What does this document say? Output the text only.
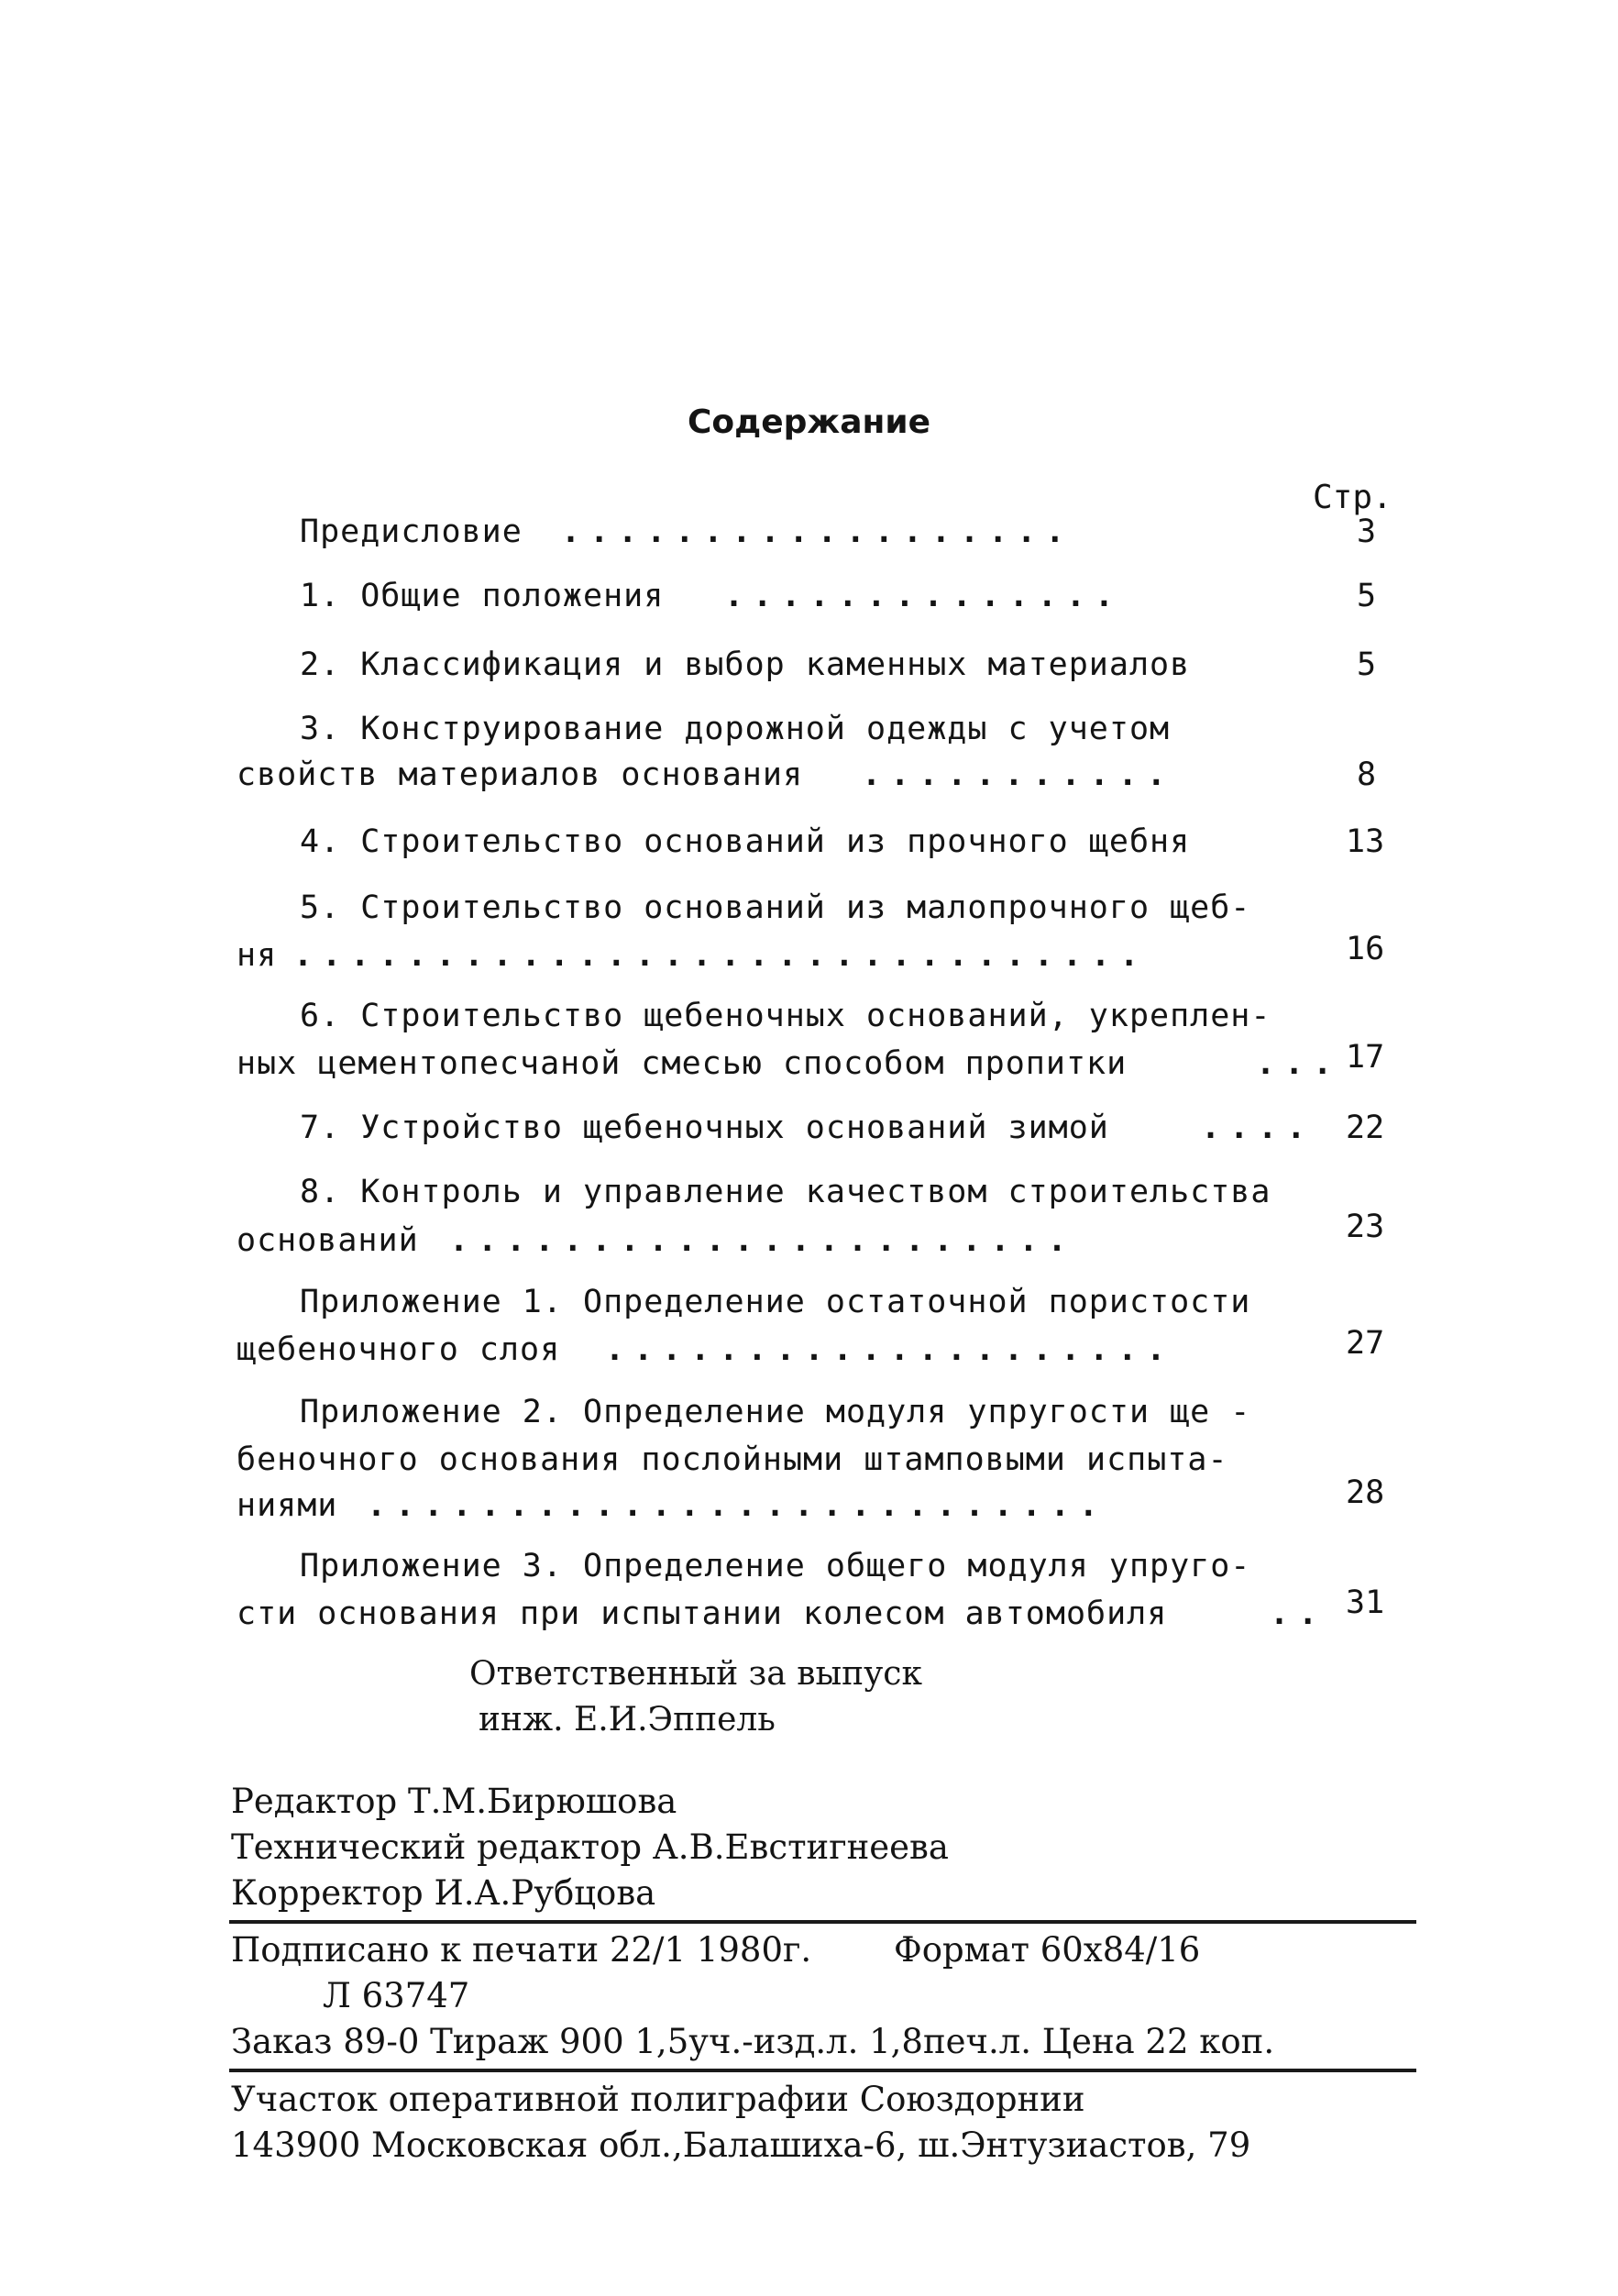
Содержание
Стр.
Предисловие ..................	3
1. Общие положения ..............	5
2. Классификация и выбор каменных материалов	5
3. Конструирование дорожной одежды с учетом
свойств материалов основания ...........	8
4. Строительство оснований из прочного щебня	13
5. Строительство оснований из малопрочного щеб-
ня ..............................	16
6. Строительство щебеночных оснований, укреплен-
ных цементопесчаной смесью способом пропитки	... 17
7. Устройство щебеночных оснований зимой	.... 22
8. Контроль и управление качеством строительства
оснований ......................	23
Приложение 1. Определение остаточной пористости
щебеночного слоя ....................	27
Приложение 2. Определение модуля упругости ще -
беночного основания послойными штамповыми испыта-
ниями ..........................	28
Приложение 3. Определение общего модуля упруго-
сти основания при испытании колесом автомобиля	.. 31
Ответственный за выпуск
инж. Е.И.Эппель
Редактор Т.М.Бирюшова
Технический редактор А.В.Евстигнеева
Корректор И.А.Рубцова
Подписано к печати 22/1 1980г. Формат 60х84/16
Л 63747
Заказ 89-0 Тираж 900 1,5уч.-изд.л. 1,8печ.л. Цена 22 коп.
Участок оперативной полиграфии Союздорнии
143900 Московская обл.,Балашиха-6, ш.Энтузиастов, 79
